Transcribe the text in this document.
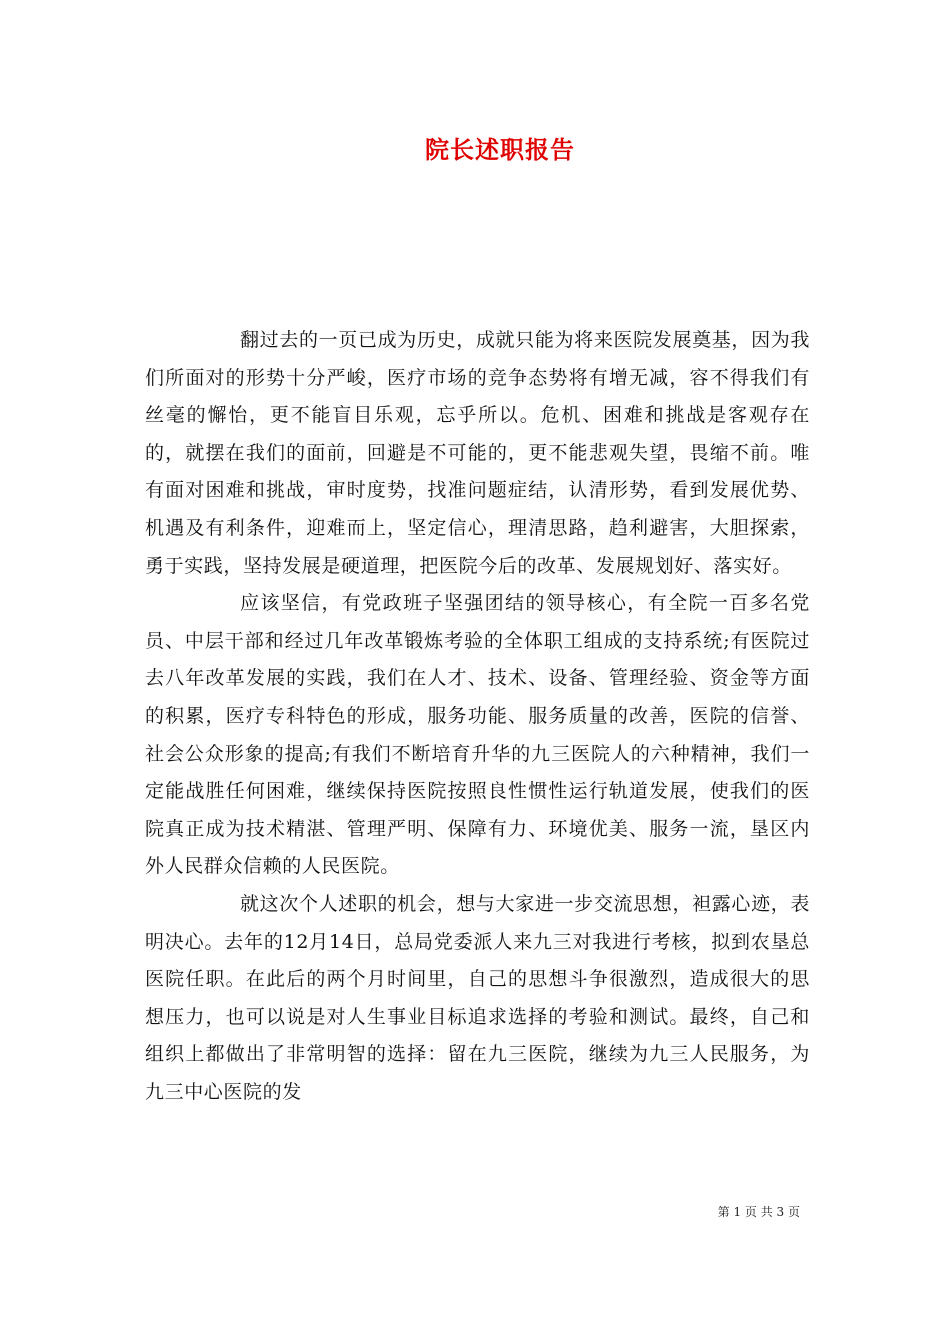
院长述职报告

翻过去的一页已成为历史，成就只能为将来医院发展奠基，因为我们所面对的形势十分严峻，医疗市场的竞争态势将有增无减，容不得我们有丝毫的懈怡，更不能盲目乐观，忘乎所以。危机、困难和挑战是客观存在的，就摆在我们的面前，回避是不可能的，更不能悲观失望，畏缩不前。唯有面对困难和挑战，审时度势，找准问题症结，认清形势，看到发展优势、机遇及有利条件，迎难而上，坚定信心，理清思路，趋利避害，大胆探索，勇于实践，坚持发展是硬道理，把医院今后的改革、发展规划好、落实好。

应该坚信，有党政班子坚强团结的领导核心，有全院一百多名党员、中层干部和经过几年改革锻炼考验的全体职工组成的支持系统;有医院过去八年改革发展的实践，我们在人才、技术、设备、管理经验、资金等方面的积累，医疗专科特色的形成，服务功能、服务质量的改善，医院的信誉、社会公众形象的提高;有我们不断培育升华的九三医院人的六种精神，我们一定能战胜任何困难，继续保持医院按照良性惯性运行轨道发展，使我们的医院真正成为技术精湛、管理严明、保障有力、环境优美、服务一流，垦区内外人民群众信赖的人民医院。

就这次个人述职的机会，想与大家进一步交流思想，袒露心迹，表明决心。去年的12月14日，总局党委派人来九三对我进行考核，拟到农垦总医院任职。在此后的两个月时间里，自己的思想斗争很激烈，造成很大的思想压力，也可以说是对人生事业目标追求选择的考验和测试。最终，自己和组织上都做出了非常明智的选择：留在九三医院，继续为九三人民服务，为九三中心医院的发

第 1 页 共 3 页
